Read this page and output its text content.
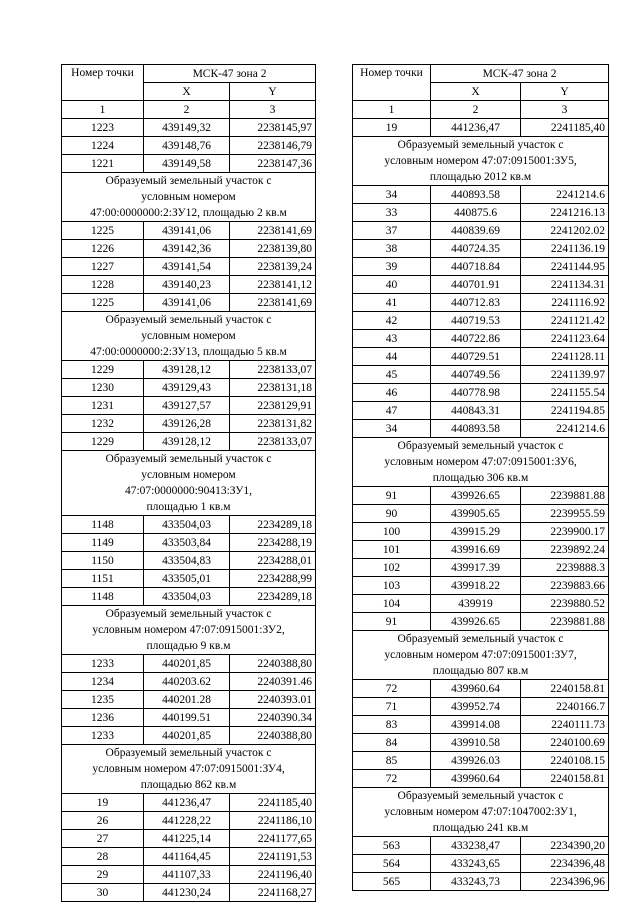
Номер точки	МСК-47 зона 2	
	X	Y
1	2	3
1223	439149,32	2238145,97
1224	439148,76	2238146,79
1221	439149,58	2238147,36

Образуемый земельный участок с
условным номером
47:00:0000000:2:ЗУ12, площадью 2 кв.м		

1225	439141,06	2238141,69
1226	439142,36	2238139,80
1227	439141,54	2238139,24
1228	439140,23	2238141,12
1225	439141,06	2238141,69

Образуемый земельный участок с
условным номером
47:00:0000000:2:ЗУ13, площадью 5 кв.м		

1229	439128,12	2238133,07
1230	439129,43	2238131,18
1231	439127,57	2238129,91
1232	439126,28	2238131,82
1229	439128,12	2238133,07

Образуемый земельный участок с
условным номером
47:07:0000000:90413:ЗУ1,
площадью 1 кв.м		

1148	433504,03	2234289,18
1149	433503,84	2234288,19
1150	433504,83	2234288,01
1151	433505,01	2234288,99
1148	433504,03	2234289,18

Образуемый земельный участок с
условным номером 47:07:0915001:ЗУ2,
площадью 9 кв.м		

1233	440201,85	2240388,80
1234	440203.62	2240391.46
1235	440201.28	2240393.01
1236	440199.51	2240390.34
1233	440201,85	2240388,80

Образуемый земельный участок с
условным номером 47:07:0915001:ЗУ4,
площадью 862 кв.м		

19	441236,47	2241185,40
26	441228,22	2241186,10
27	441225,14	2241177,65
28	441164,45	2241191,53
29	441107,33	2241196,40
30	441230,24	2241168,27
Номер точки	МСК-47 зона 2	
	X	Y
1	2	3
19	441236,47	2241185,40

Образуемый земельный участок с
условным номером 47:07:0915001:ЗУ5,
площадью 2012 кв.м		

34	440893.58	2241214.6
33	440875.6	2241216.13
37	440839.69	2241202.02
38	440724.35	2241136.19
39	440718.84	2241144.95
40	440701.91	2241134.31
41	440712.83	2241116.92
42	440719.53	2241121.42
43	440722.86	2241123.64
44	440729.51	2241128.11
45	440749.56	2241139.97
46	440778.98	2241155.54
47	440843.31	2241194.85
34	440893.58	2241214.6

Образуемый земельный участок с
условным номером 47:07:0915001:ЗУ6,
площадью 306 кв.м		

91	439926.65	2239881.88
90	439905.65	2239955.59
100	439915.29	2239900.17
101	439916.69	2239892.24
102	439917.39	2239888.3
103	439918.22	2239883.66
104	439919	2239880.52
91	439926.65	2239881.88

Образуемый земельный участок с
условным номером 47:07:0915001:ЗУ7,
площадью 807 кв.м		

72	439960.64	2240158.81
71	439952.74	2240166.7
83	439914.08	2240111.73
84	439910.58	2240100.69
85	439926.03	2240108.15
72	439960.64	2240158.81

Образуемый земельный участок с
условным номером 47:07:1047002:ЗУ1,
площадью 241 кв.м		

563	433238,47	2234390,20
564	433243,65	2234396,48
565	433243,73	2234396,96
